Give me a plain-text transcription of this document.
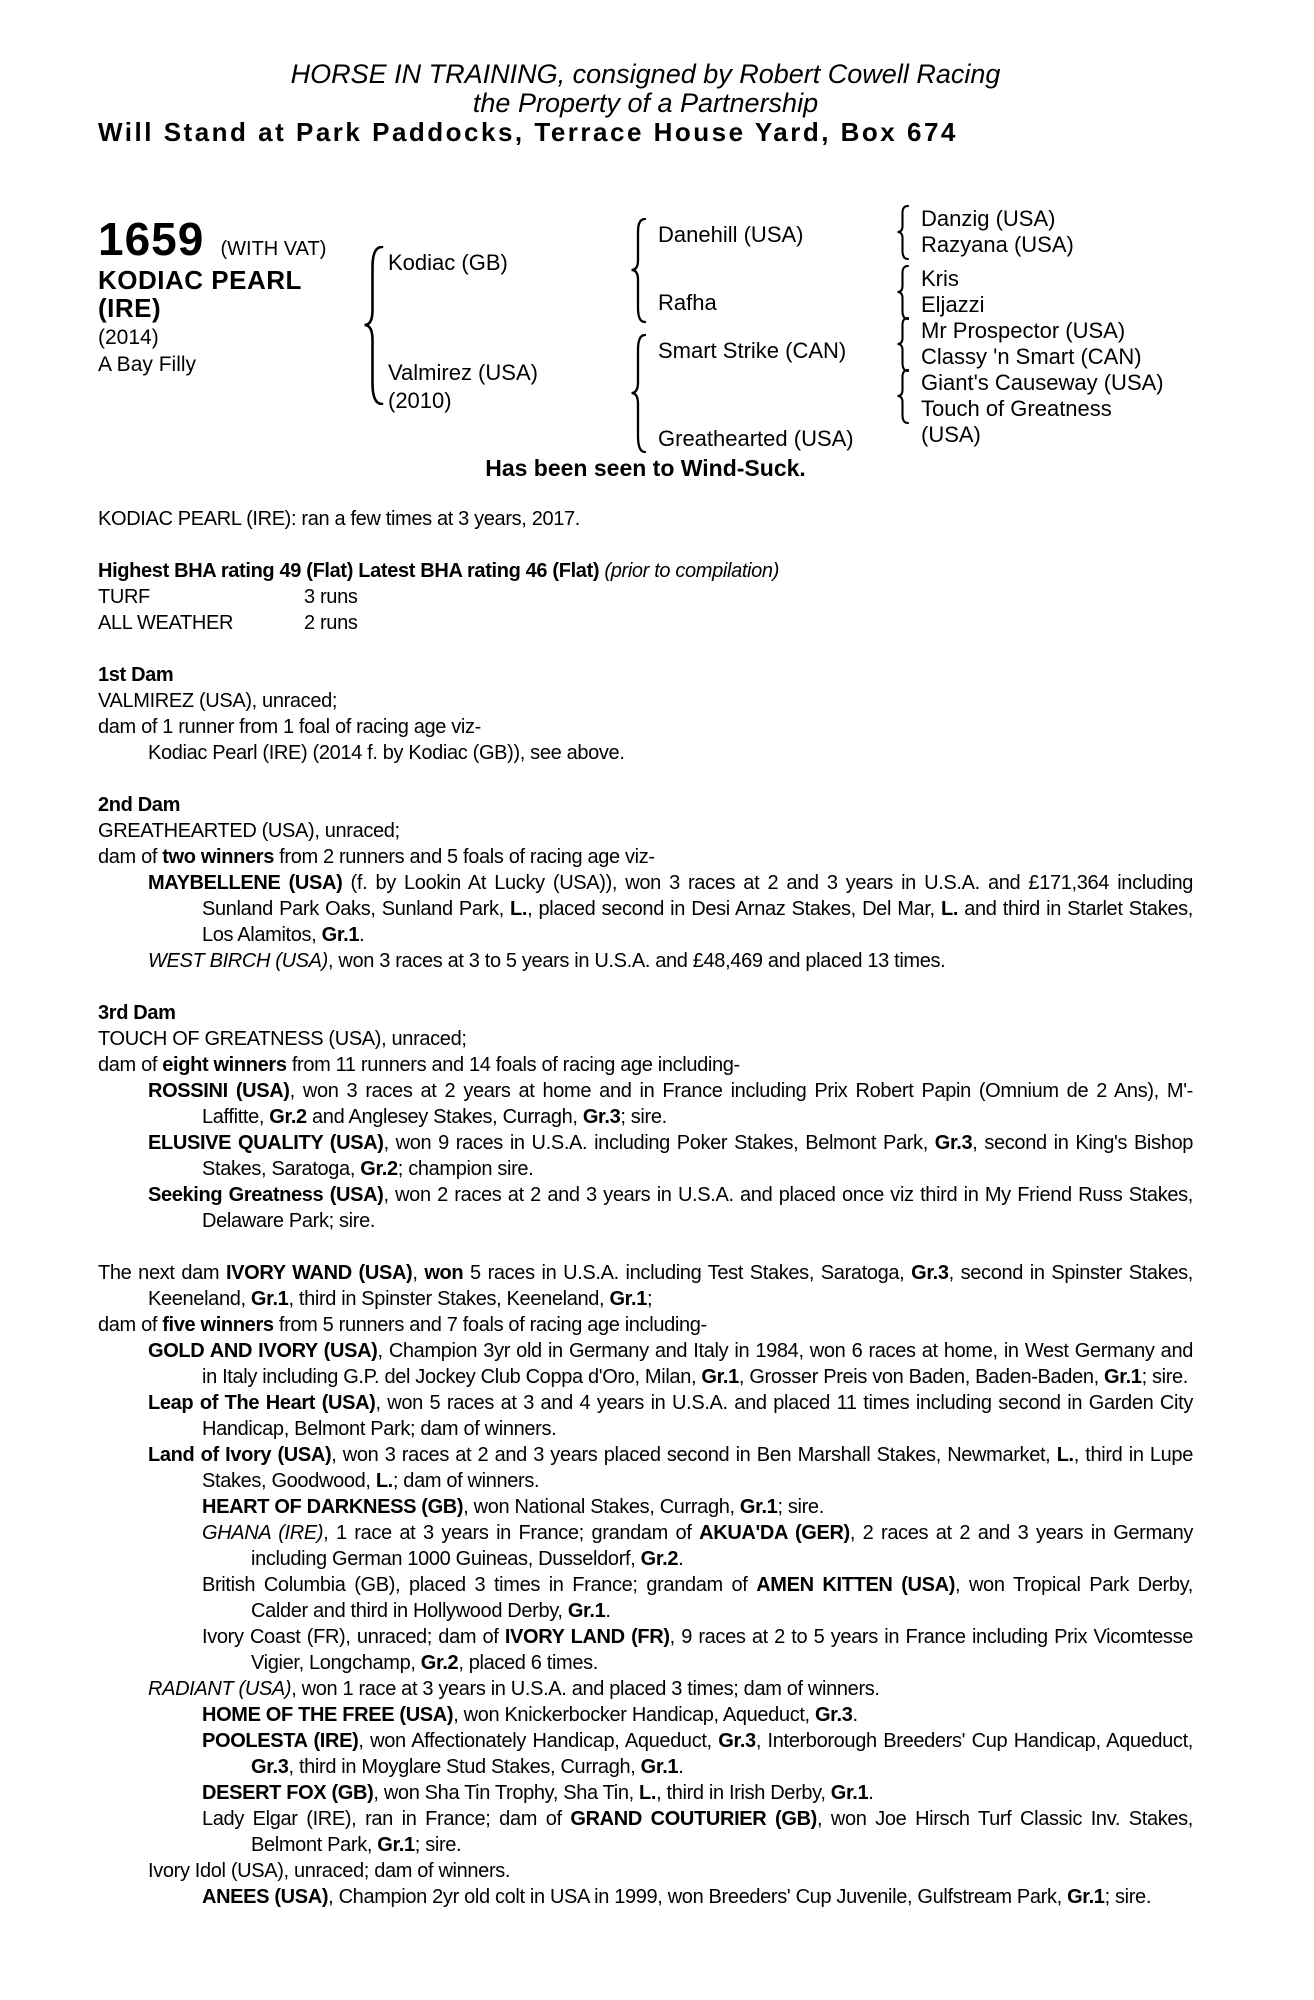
HORSE IN TRAINING, consigned by Robert Cowell Racing
the Property of a Partnership
Will Stand at Park Paddocks, Terrace House Yard, Box 674
1659 (WITH VAT)
KODIAC PEARL
(IRE)
(2014)
A Bay Filly
Kodiac (GB)
Valmirez (USA)
(2010)
Danehill (USA)
Rafha
Smart Strike (CAN)
Greathearted (USA)
Danzig (USA)
Razyana (USA)
Kris
Eljazzi
Mr Prospector (USA)
Classy 'n Smart (CAN)
Giant's Causeway (USA)
Touch of Greatness (USA)
Has been seen to Wind-Suck.
KODIAC PEARL (IRE): ran a few times at 3 years, 2017.
Highest BHA rating 49 (Flat) Latest BHA rating 46 (Flat) (prior to compilation)
TURF	3 runs
ALL WEATHER	2 runs
1st Dam
VALMIREZ (USA), unraced;
dam of 1 runner from 1 foal of racing age viz-
Kodiac Pearl (IRE) (2014 f. by Kodiac (GB)), see above.
2nd Dam
GREATHEARTED (USA), unraced;
dam of two winners from 2 runners and 5 foals of racing age viz-
MAYBELLENE (USA) (f. by Lookin At Lucky (USA)), won 3 races at 2 and 3 years in U.S.A. and £171,364 including Sunland Park Oaks, Sunland Park, L., placed second in Desi Arnaz Stakes, Del Mar, L. and third in Starlet Stakes, Los Alamitos, Gr.1.
WEST BIRCH (USA), won 3 races at 3 to 5 years in U.S.A. and £48,469 and placed 13 times.
3rd Dam
TOUCH OF GREATNESS (USA), unraced;
dam of eight winners from 11 runners and 14 foals of racing age including-
ROSSINI (USA), won 3 races at 2 years at home and in France including Prix Robert Papin (Omnium de 2 Ans), M'-Laffitte, Gr.2 and Anglesey Stakes, Curragh, Gr.3; sire.
ELUSIVE QUALITY (USA), won 9 races in U.S.A. including Poker Stakes, Belmont Park, Gr.3, second in King's Bishop Stakes, Saratoga, Gr.2; champion sire.
Seeking Greatness (USA), won 2 races at 2 and 3 years in U.S.A. and placed once viz third in My Friend Russ Stakes, Delaware Park; sire.
The next dam IVORY WAND (USA), won 5 races in U.S.A. including Test Stakes, Saratoga, Gr.3, second in Spinster Stakes, Keeneland, Gr.1, third in Spinster Stakes, Keeneland, Gr.1;
dam of five winners from 5 runners and 7 foals of racing age including-
GOLD AND IVORY (USA), Champion 3yr old in Germany and Italy in 1984, won 6 races at home, in West Germany and in Italy including G.P. del Jockey Club Coppa d'Oro, Milan, Gr.1, Grosser Preis von Baden, Baden-Baden, Gr.1; sire.
Leap of The Heart (USA), won 5 races at 3 and 4 years in U.S.A. and placed 11 times including second in Garden City Handicap, Belmont Park; dam of winners.
Land of Ivory (USA), won 3 races at 2 and 3 years placed second in Ben Marshall Stakes, Newmarket, L., third in Lupe Stakes, Goodwood, L.; dam of winners.
HEART OF DARKNESS (GB), won National Stakes, Curragh, Gr.1; sire.
GHANA (IRE), 1 race at 3 years in France; grandam of AKUA'DA (GER), 2 races at 2 and 3 years in Germany including German 1000 Guineas, Dusseldorf, Gr.2.
British Columbia (GB), placed 3 times in France; grandam of AMEN KITTEN (USA), won Tropical Park Derby, Calder and third in Hollywood Derby, Gr.1.
Ivory Coast (FR), unraced; dam of IVORY LAND (FR), 9 races at 2 to 5 years in France including Prix Vicomtesse Vigier, Longchamp, Gr.2, placed 6 times.
RADIANT (USA), won 1 race at 3 years in U.S.A. and placed 3 times; dam of winners.
HOME OF THE FREE (USA), won Knickerbocker Handicap, Aqueduct, Gr.3.
POOLESTA (IRE), won Affectionately Handicap, Aqueduct, Gr.3, Interborough Breeders' Cup Handicap, Aqueduct, Gr.3, third in Moyglare Stud Stakes, Curragh, Gr.1.
DESERT FOX (GB), won Sha Tin Trophy, Sha Tin, L., third in Irish Derby, Gr.1.
Lady Elgar (IRE), ran in France; dam of GRAND COUTURIER (GB), won Joe Hirsch Turf Classic Inv. Stakes, Belmont Park, Gr.1; sire.
Ivory Idol (USA), unraced; dam of winners.
ANEES (USA), Champion 2yr old colt in USA in 1999, won Breeders' Cup Juvenile, Gulfstream Park, Gr.1; sire.
